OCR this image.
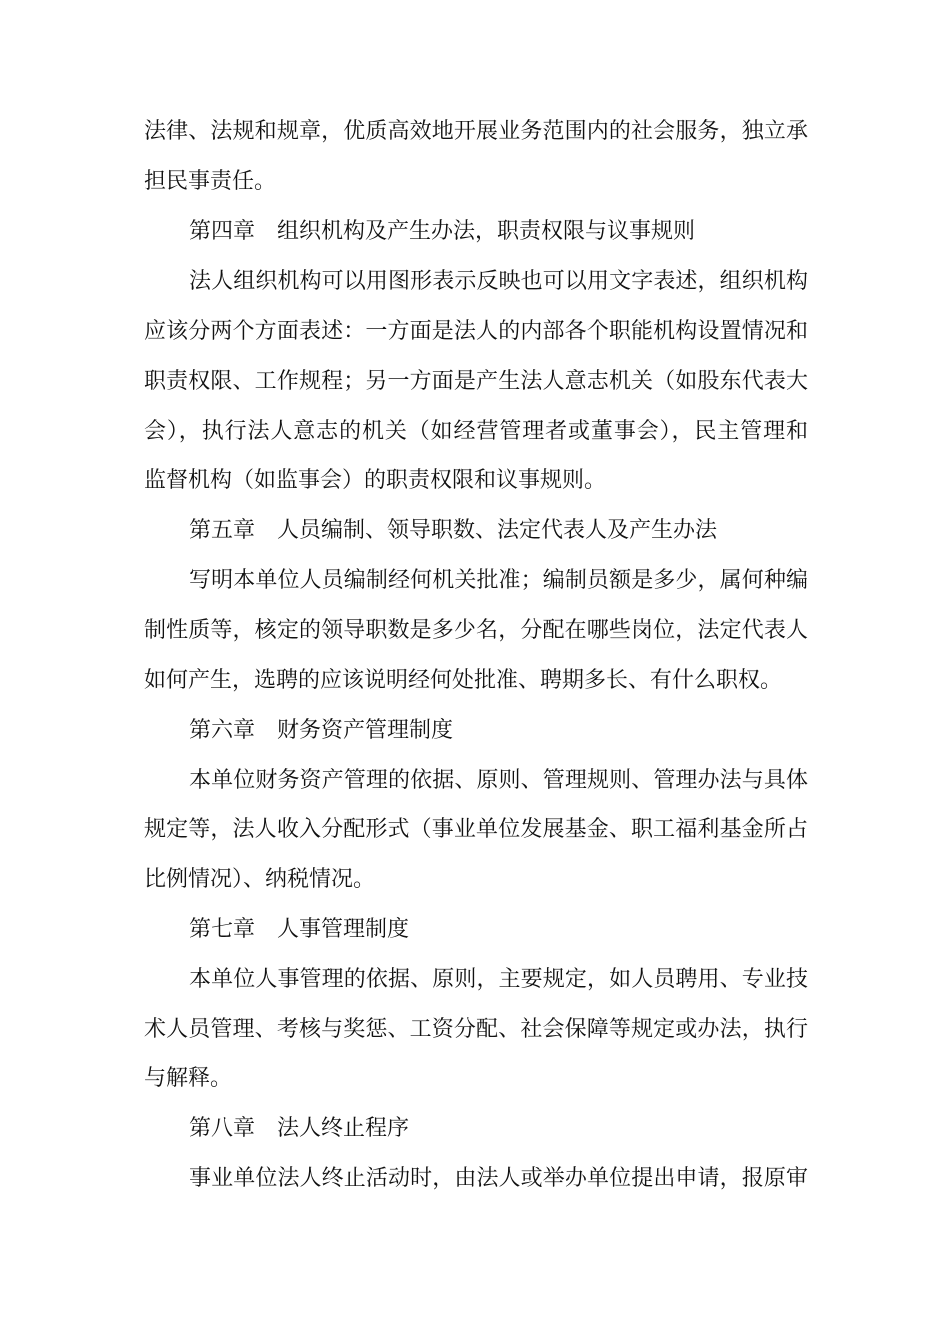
法律、法规和规章，优质高效地开展业务范围内的社会服务，独立承
担民事责任。
第四章　组织机构及产生办法，职责权限与议事规则
法人组织机构可以用图形表示反映也可以用文字表述，组织机构
应该分两个方面表述：一方面是法人的内部各个职能机构设置情况和
职责权限、工作规程；另一方面是产生法人意志机关（如股东代表大
会），执行法人意志的机关（如经营管理者或董事会），民主管理和
监督机构（如监事会）的职责权限和议事规则。
第五章　人员编制、领导职数、法定代表人及产生办法
写明本单位人员编制经何机关批准；编制员额是多少，属何种编
制性质等，核定的领导职数是多少名，分配在哪些岗位，法定代表人
如何产生，选聘的应该说明经何处批准、聘期多长、有什么职权。
第六章　财务资产管理制度
本单位财务资产管理的依据、原则、管理规则、管理办法与具体
规定等，法人收入分配形式（事业单位发展基金、职工福利基金所占
比例情况）、纳税情况。
第七章　人事管理制度
本单位人事管理的依据、原则，主要规定，如人员聘用、专业技
术人员管理、考核与奖惩、工资分配、社会保障等规定或办法，执行
与解释。
第八章　法人终止程序
事业单位法人终止活动时，由法人或举办单位提出申请，报原审
